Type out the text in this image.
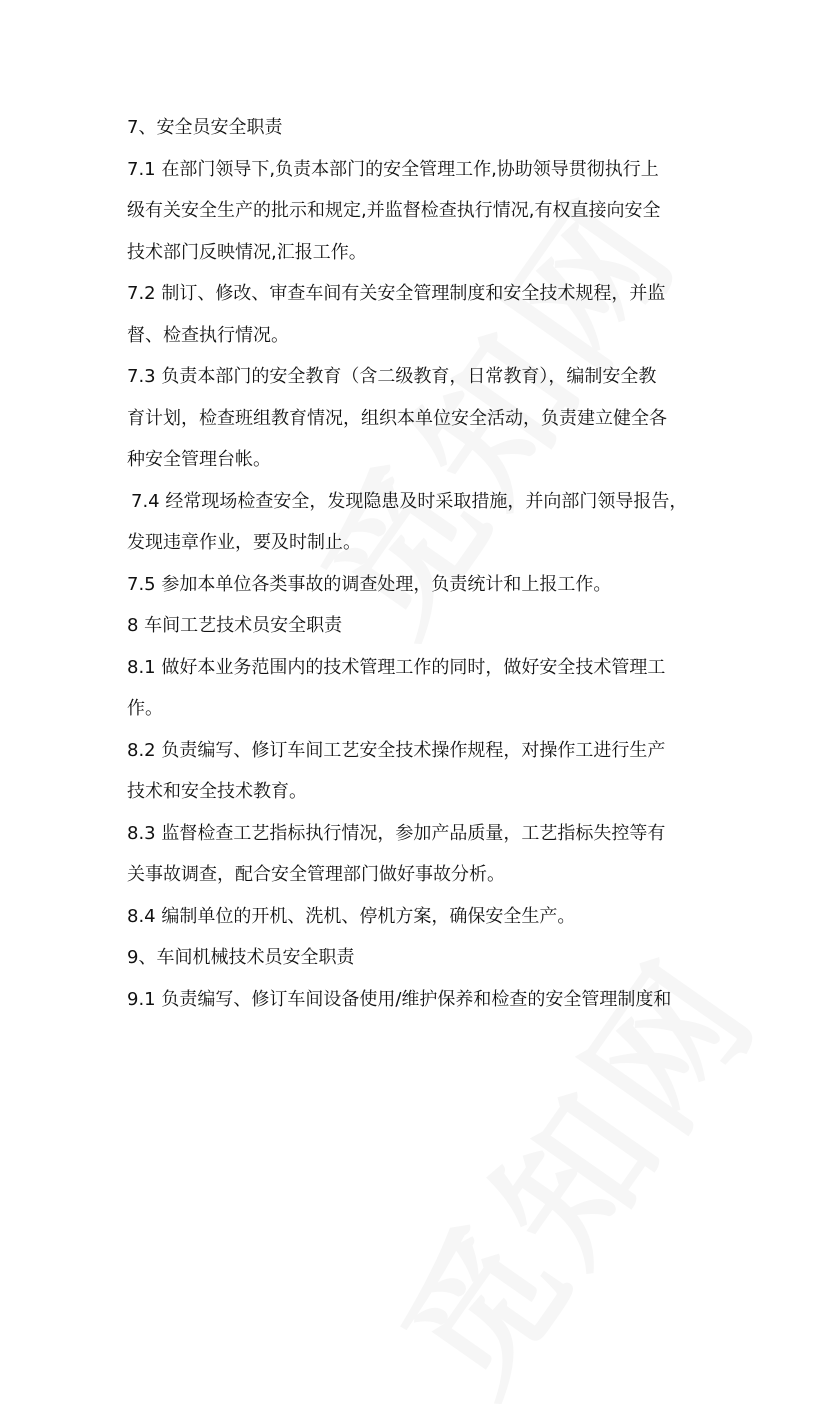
7、安全员安全职责
7.1 在部门领导下,负责本部门的安全管理工作,协助领导贯彻执行上
级有关安全生产的批示和规定,并监督检查执行情况,有权直接向安全
技术部门反映情况,汇报工作。
7.2 制订、修改、审查车间有关安全管理制度和安全技术规程，并监
督、检查执行情况。
7.3 负责本部门的安全教育（含二级教育，日常教育），编制安全教
育计划，检查班组教育情况，组织本单位安全活动，负责建立健全各
种安全管理台帐。
7.4 经常现场检查安全，发现隐患及时采取措施，并向部门领导报告，
发现违章作业，要及时制止。
7.5 参加本单位各类事故的调查处理，负责统计和上报工作。
8 车间工艺技术员安全职责
8.1 做好本业务范围内的技术管理工作的同时，做好安全技术管理工
作。
8.2 负责编写、修订车间工艺安全技术操作规程，对操作工进行生产
技术和安全技术教育。
8.3 监督检查工艺指标执行情况，参加产品质量，工艺指标失控等有
关事故调查，配合安全管理部门做好事故分析。
8.4 编制单位的开机、洗机、停机方案，确保安全生产。
9、车间机械技术员安全职责
9.1 负责编写、修订车间设备使用/维护保养和检查的安全管理制度和
